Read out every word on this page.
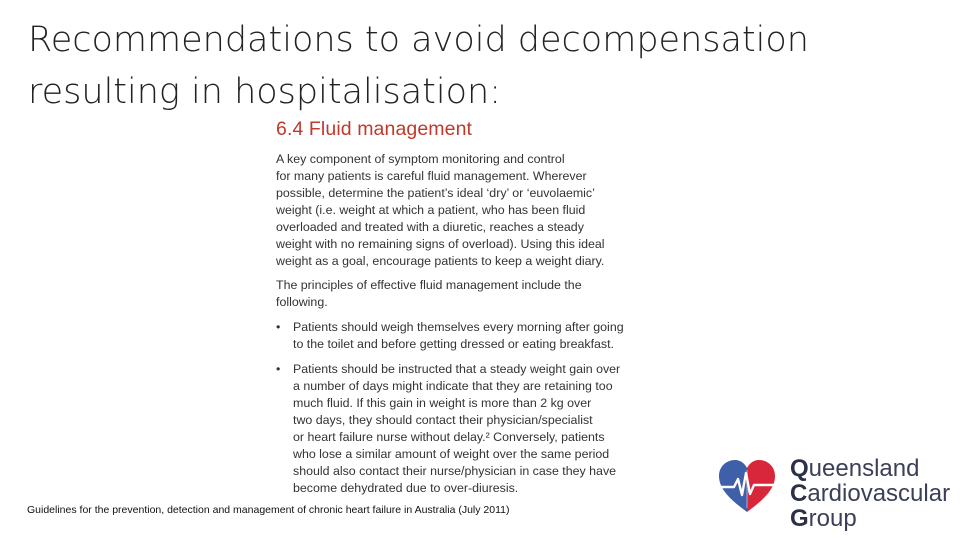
Recommendations to avoid decompensation
resulting in hospitalisation:
6.4 Fluid management
A key component of symptom monitoring and control
for many patients is careful fluid management. Wherever
possible, determine the patient’s ideal ‘dry’ or ‘euvolaemic’
weight (i.e. weight at which a patient, who has been fluid
overloaded and treated with a diuretic, reaches a steady
weight with no remaining signs of overload). Using this ideal
weight as a goal, encourage patients to keep a weight diary.
The principles of effective fluid management include the
following.
• Patients should weigh themselves every morning after going
to the toilet and before getting dressed or eating breakfast.
• Patients should be instructed that a steady weight gain over
a number of days might indicate that they are retaining too
much fluid. If this gain in weight is more than 2 kg over
two days, they should contact their physician/specialist
or heart failure nurse without delay.² Conversely, patients
who lose a similar amount of weight over the same period
should also contact their nurse/physician in case they have
become dehydrated due to over-diuresis.
Guidelines for the prevention, detection and management of chronic heart failure in Australia (July 2011)
Queensland
Cardiovascular
Group
